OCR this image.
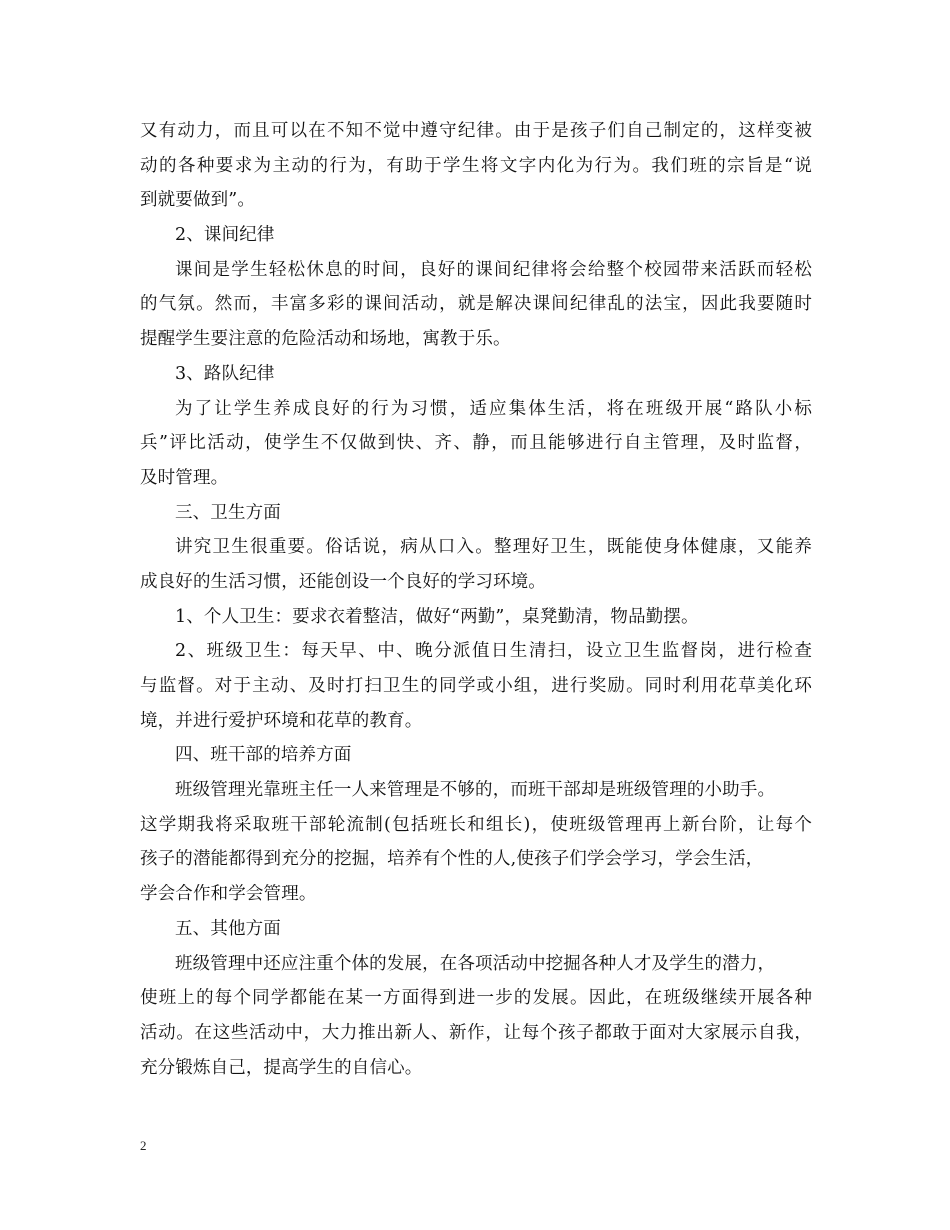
又有动力，而且可以在不知不觉中遵守纪律。由于是孩子们自己制定的，这样变被
动的各种要求为主动的行为，有助于学生将文字内化为行为。我们班的宗旨是“说
到就要做到”。
2、课间纪律
课间是学生轻松休息的时间，良好的课间纪律将会给整个校园带来活跃而轻松
的气氛。然而，丰富多彩的课间活动，就是解决课间纪律乱的法宝，因此我要随时
提醒学生要注意的危险活动和场地，寓教于乐。
3、路队纪律
为了让学生养成良好的行为习惯，适应集体生活，将在班级开展“路队小标
兵”评比活动，使学生不仅做到快、齐、静，而且能够进行自主管理，及时监督，
及时管理。
三、卫生方面
讲究卫生很重要。俗话说，病从口入。整理好卫生，既能使身体健康，又能养
成良好的生活习惯，还能创设一个良好的学习环境。
1、个人卫生：要求衣着整洁，做好“两勤”，桌凳勤清，物品勤摆。
2、班级卫生：每天早、中、晚分派值日生清扫，设立卫生监督岗，进行检查
与监督。对于主动、及时打扫卫生的同学或小组，进行奖励。同时利用花草美化环
境，并进行爱护环境和花草的教育。
四、班干部的培养方面
班级管理光靠班主任一人来管理是不够的，而班干部却是班级管理的小助手。
这学期我将采取班干部轮流制(包括班长和组长)，使班级管理再上新台阶，让每个
孩子的潜能都得到充分的挖掘，培养有个性的人,使孩子们学会学习，学会生活，
学会合作和学会管理。
五、其他方面
班级管理中还应注重个体的发展，在各项活动中挖掘各种人才及学生的潜力，
使班上的每个同学都能在某一方面得到进一步的发展。因此，在班级继续开展各种
活动。在这些活动中，大力推出新人、新作，让每个孩子都敢于面对大家展示自我，
充分锻炼自己，提高学生的自信心。
2
